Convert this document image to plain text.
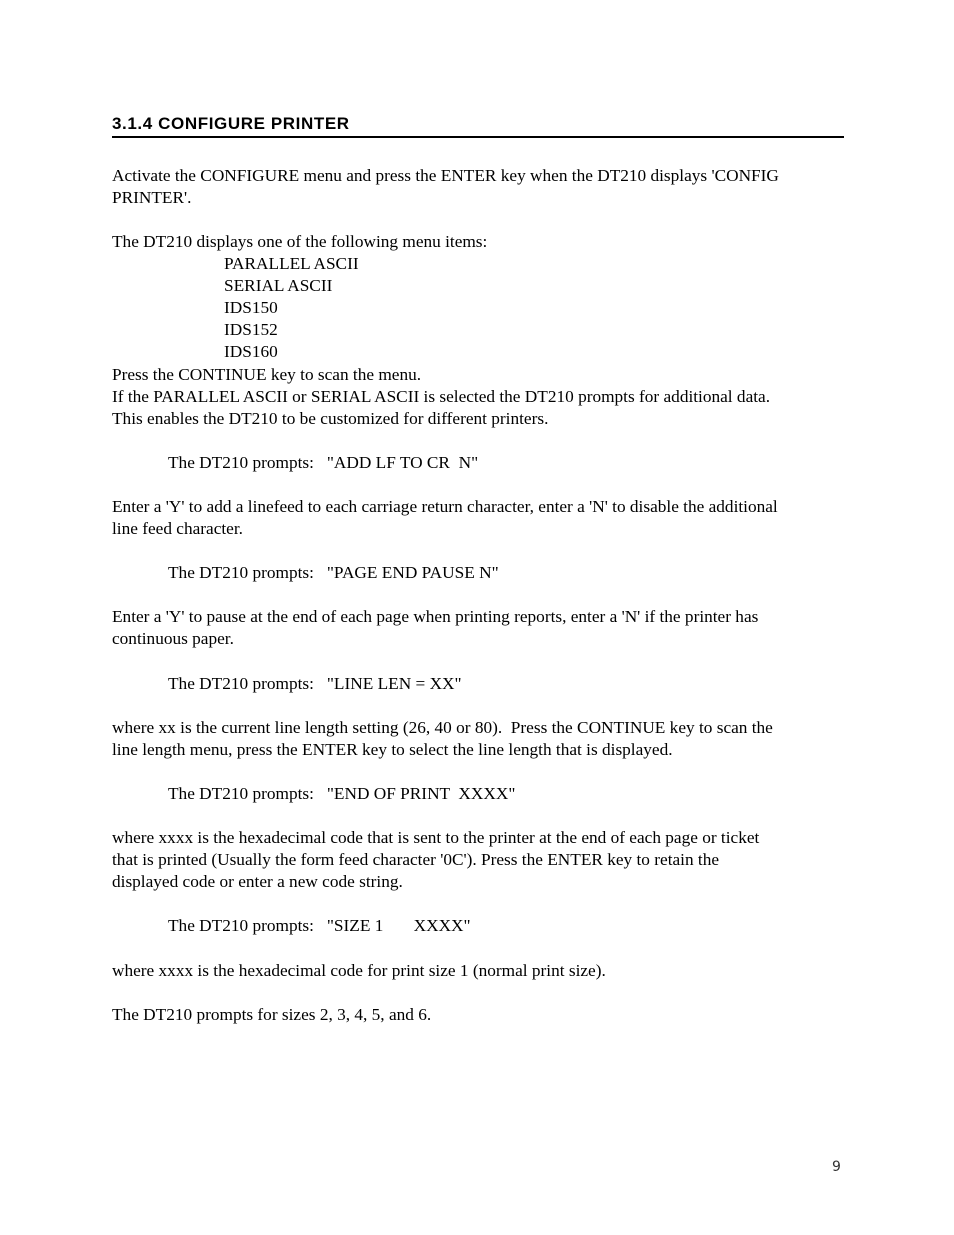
3.1.4 CONFIGURE PRINTER
Activate the CONFIGURE menu and press the ENTER key when the DT210 displays 'CONFIG
PRINTER'.
The DT210 displays one of the following menu items:
PARALLEL ASCII
SERIAL ASCII
IDS150
IDS152
IDS160
Press the CONTINUE key to scan the menu.
If the PARALLEL ASCII or SERIAL ASCII is selected the DT210 prompts for additional data.
This enables the DT210 to be customized for different printers.
The DT210 prompts:   "ADD LF TO CR  N"
Enter a 'Y' to add a linefeed to each carriage return character, enter a 'N' to disable the additional
line feed character.
The DT210 prompts:   "PAGE END PAUSE N"
Enter a 'Y' to pause at the end of each page when printing reports, enter a 'N' if the printer has
continuous paper.
The DT210 prompts:   "LINE LEN = XX"
where xx is the current line length setting (26, 40 or 80).  Press the CONTINUE key to scan the
line length menu, press the ENTER key to select the line length that is displayed.
The DT210 prompts:   "END OF PRINT  XXXX"
where xxxx is the hexadecimal code that is sent to the printer at the end of each page or ticket
that is printed (Usually the form feed character '0C'). Press the ENTER key to retain the
displayed code or enter a new code string.
The DT210 prompts:   "SIZE 1       XXXX"
where xxxx is the hexadecimal code for print size 1 (normal print size).
The DT210 prompts for sizes 2, 3, 4, 5, and 6.
9
